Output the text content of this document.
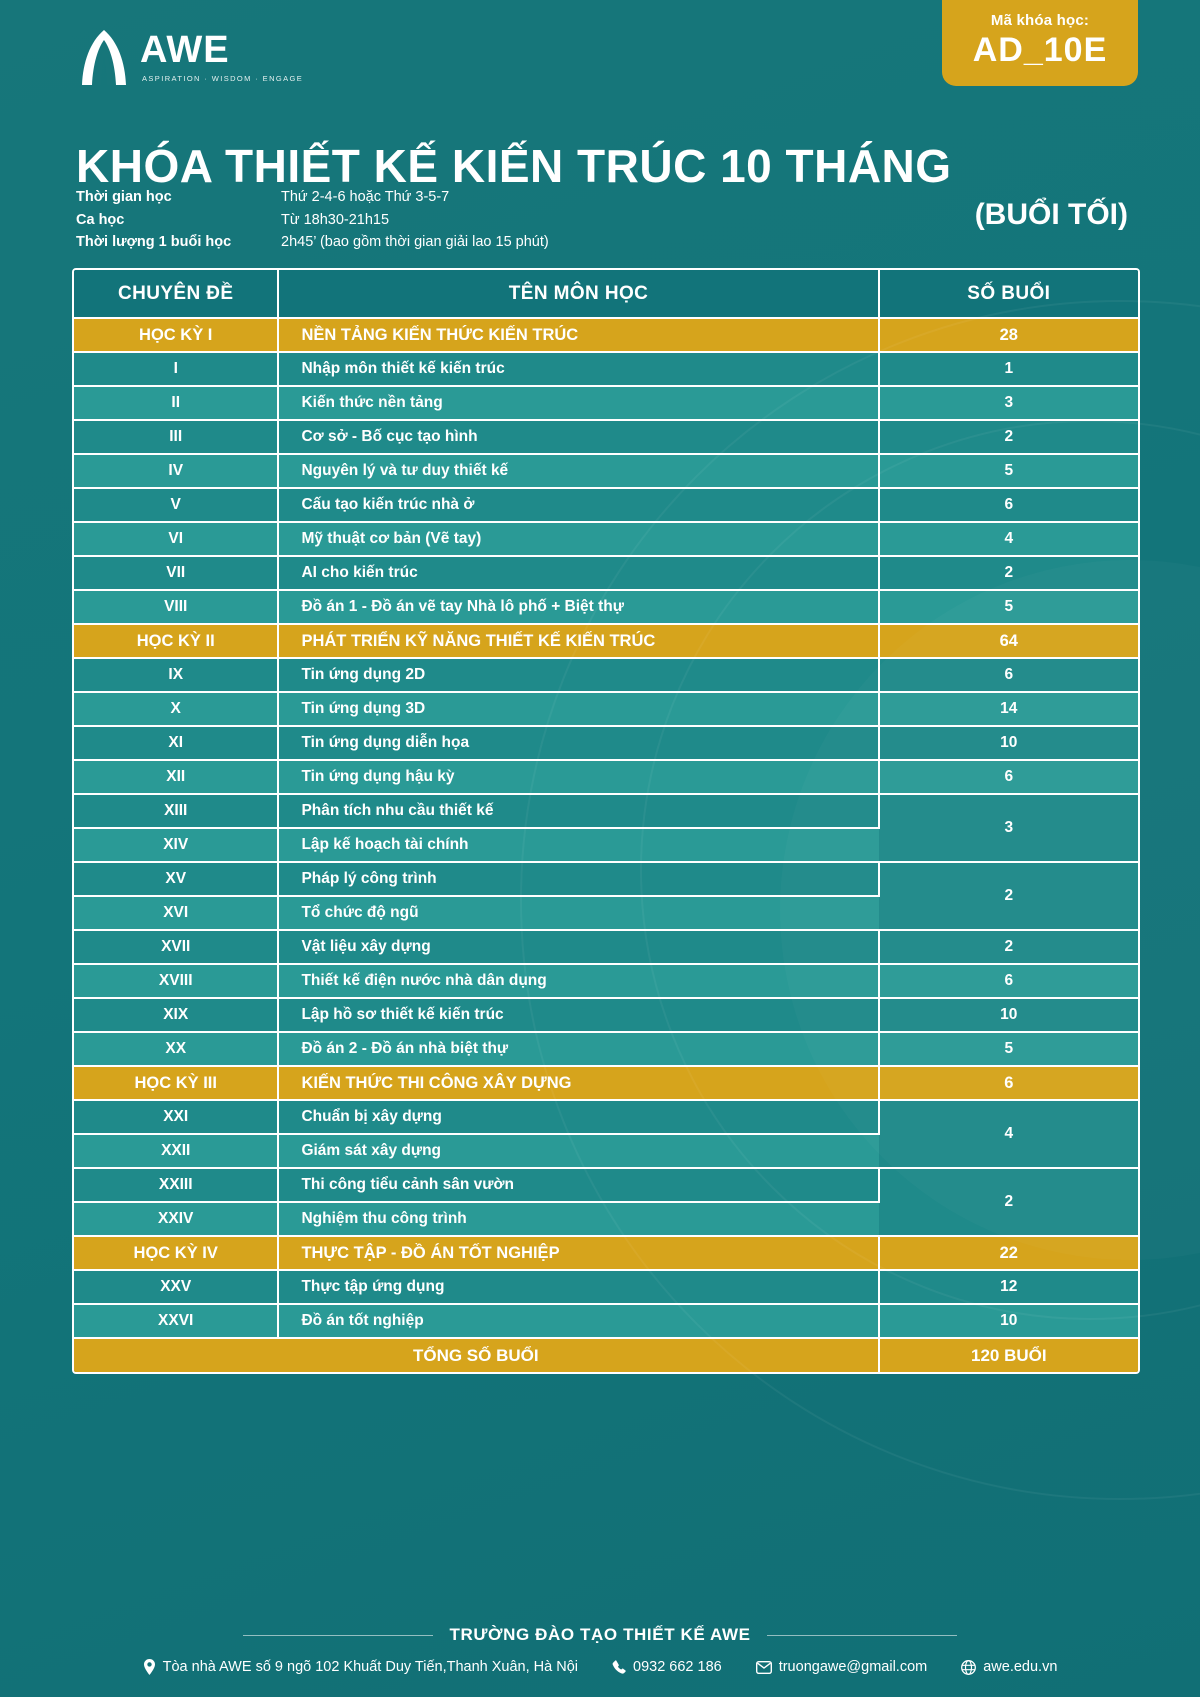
AWE
ASPIRATION · WISDOM · ENGAGE
Mã khóa học:
AD_10E
KHÓA THIẾT KẾ KIẾN TRÚC 10 THÁNG
(BUỔI TỐI)
Thời gian học	Thứ 2-4-6 hoặc Thứ 3-5-7
Ca học	Từ 18h30-21h15
Thời lượng 1 buổi học	2h45’ (bao gồm thời gian giải lao 15 phút)
CHUYÊN ĐỀ	TÊN MÔN HỌC	SỐ BUỔI
HỌC KỲ I	NỀN TẢNG KIẾN THỨC KIẾN TRÚC	28
I	Nhập môn thiết kế kiến trúc	1
II	Kiến thức nền tảng	3
III	Cơ sở - Bố cục tạo hình	2
IV	Nguyên lý và tư duy thiết kế	5
V	Cấu tạo kiến trúc nhà ở	6
VI	Mỹ thuật cơ bản (Vẽ tay)	4
VII	AI cho kiến trúc	2
VIII	Đồ án 1 - Đồ án vẽ tay Nhà lô phố + Biệt thự	5
HỌC KỲ II	PHÁT TRIỂN KỸ NĂNG THIẾT KẾ KIẾN TRÚC	64
IX	Tin ứng dụng 2D	6
X	Tin ứng dụng 3D	14
XI	Tin ứng dụng diễn họa	10
XII	Tin ứng dụng hậu kỳ	6
XIII	Phân tích nhu cầu thiết kế	3
XIV	Lập kế hoạch tài chính	
XV	Pháp lý công trình	2
XVI	Tổ chức độ ngũ	
XVII	Vật liệu xây dựng	2
XVIII	Thiết kế điện nước nhà dân dụng	6
XIX	Lập hồ sơ thiết kế kiến trúc	10
XX	Đồ án 2 - Đồ án nhà biệt thự	5
HỌC KỲ III	KIẾN THỨC THI CÔNG XÂY DỰNG	6
XXI	Chuẩn bị xây dựng	4
XXII	Giám sát xây dựng	
XXIII	Thi công tiểu cảnh sân vườn	2
XXIV	Nghiệm thu công trình	
HỌC KỲ IV	THỰC TẬP - ĐỒ ÁN TỐT NGHIỆP	22
XXV	Thực tập ứng dụng	12
XXVI	Đồ án tốt nghiệp	10
TỔNG SỐ BUỔI		120 BUỔI
TRƯỜNG ĐÀO TẠO THIẾT KẾ AWE
Tòa nhà AWE số 9 ngõ 102 Khuất Duy Tiến,Thanh Xuân, Hà Nội	0932 662 186	truongawe@gmail.com	awe.edu.vn
